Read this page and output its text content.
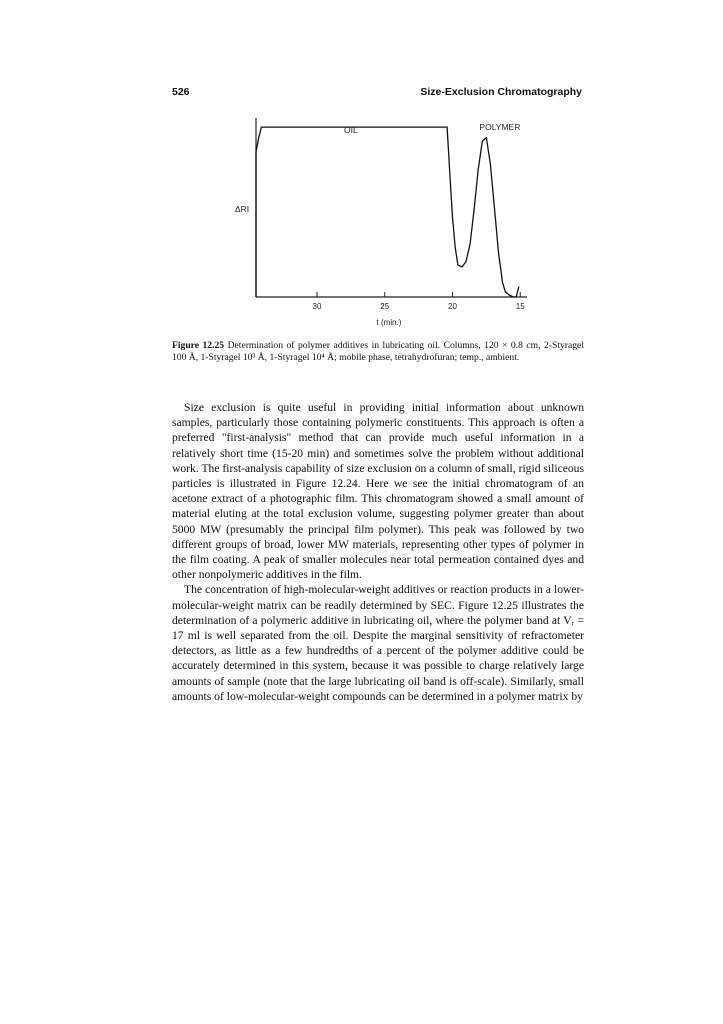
526	Size-Exclusion Chromatography
30	25	20	15
OIL	POLYMER
ΔRI
t (min.)

Figure 12.25 Determination of polymer additives in lubricating oil. Columns, 120 × 0.8 cm, 2-Styragel 100 Å, 1-Styragel 10³ Å, 1-Styragel 10⁴ Å; mobile phase, tetrahydrofuran; temp., ambient.

Size exclusion is quite useful in providing initial information about unknown samples, particularly those containing polymeric constituents. This approach is often a preferred "first-analysis" method that can provide much useful information in a relatively short time (15-20 min) and sometimes solve the problem without additional work. The first-analysis capability of size exclusion on a column of small, rigid siliceous particles is illustrated in Figure 12.24. Here we see the initial chromatogram of an acetone extract of a photographic film. This chromatogram showed a small amount of material eluting at the total exclusion volume, suggesting polymer greater than about 5000 MW (presumably the principal film polymer). This peak was followed by two different groups of broad, lower MW materials, representing other types of polymer in the film coating. A peak of smaller molecules near total permeation contained dyes and other nonpolymeric additives in the film.

The concentration of high-molecular-weight additives or reaction products in a lower-molecular-weight matrix can be readily determined by SEC. Figure 12.25 illustrates the determination of a polymeric additive in lubricating oil, where the polymer band at Vᵣ = 17 ml is well separated from the oil. Despite the marginal sensitivity of refractometer detectors, as little as a few hundredths of a percent of the polymer additive could be accurately determined in this system, because it was possible to charge relatively large amounts of sample (note that the large lubricating oil band is off-scale). Similarly, small amounts of low-molecular-weight compounds can be determined in a polymer matrix by
